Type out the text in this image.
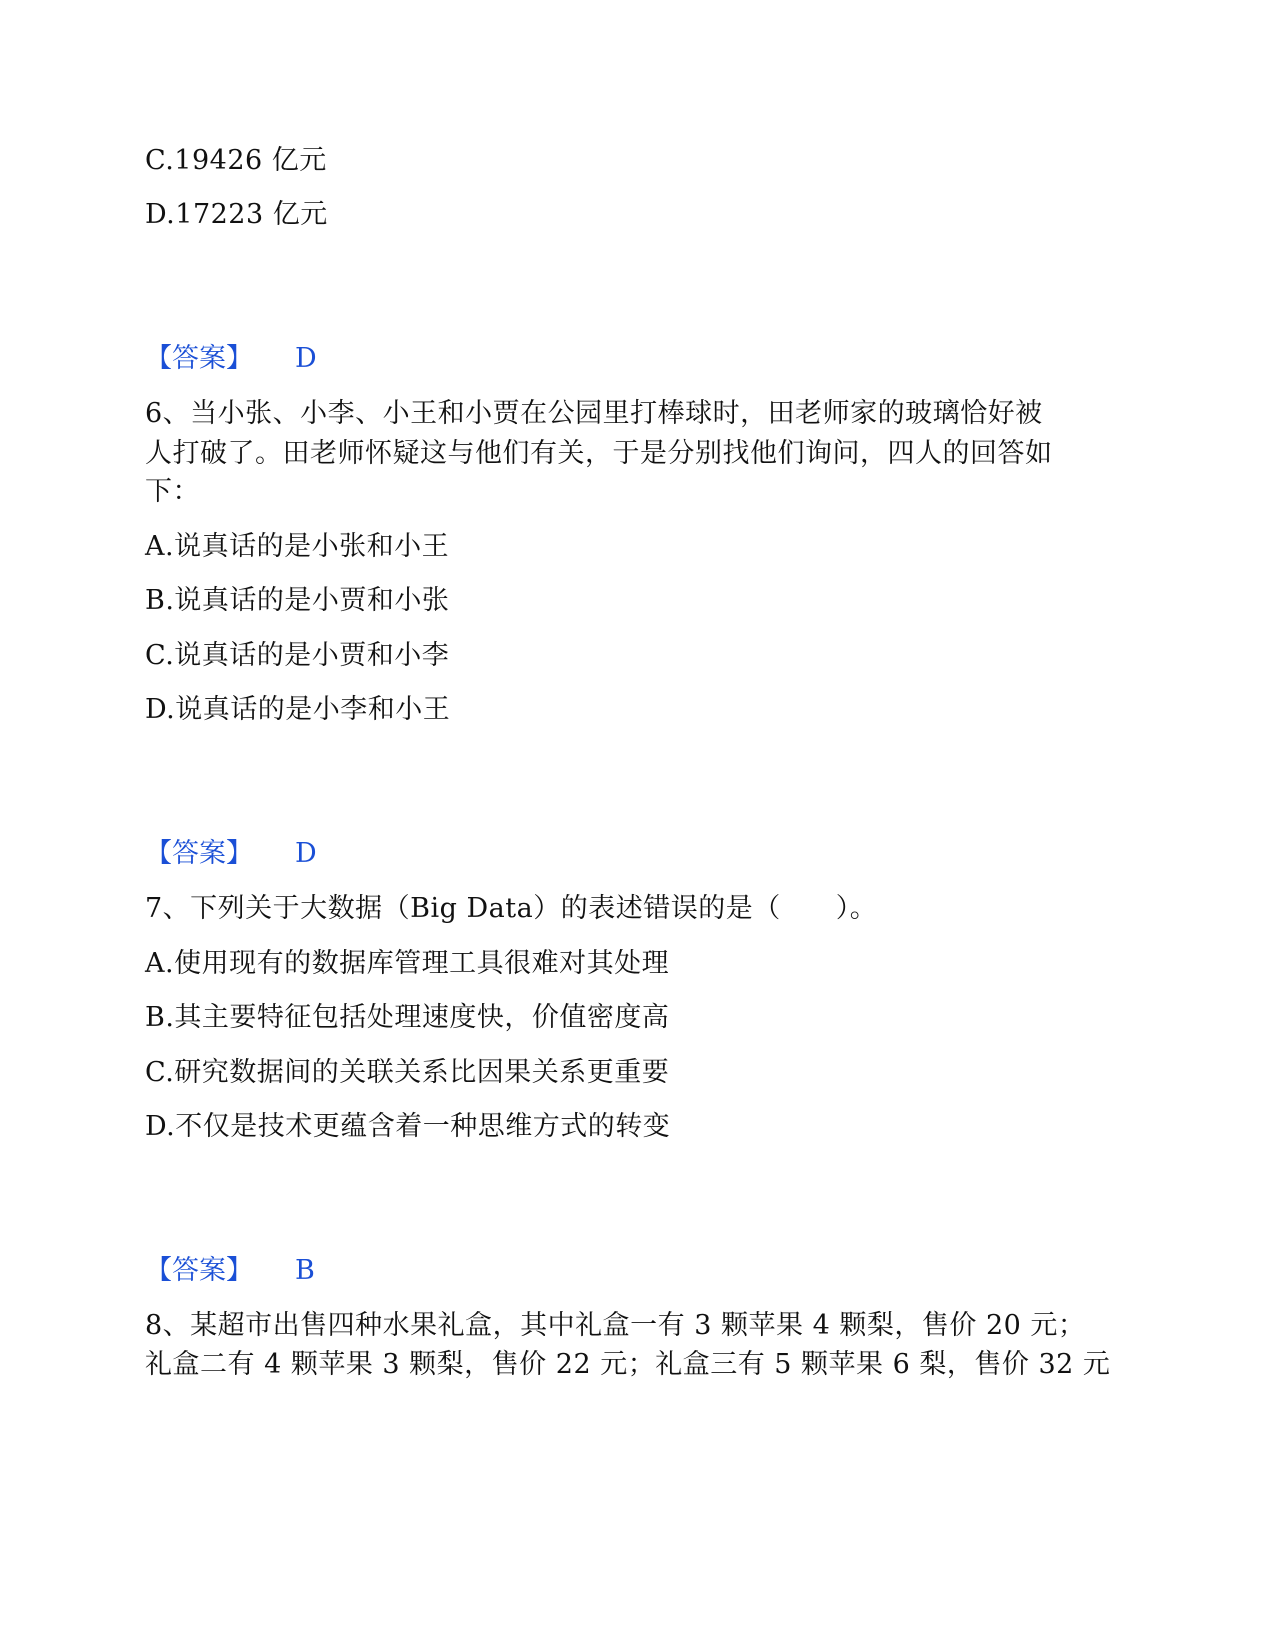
C.19426 亿元
D.17223 亿元
【答案】 D
6、当小张、小李、小王和小贾在公园里打棒球时，田老师家的玻璃恰好被
人打破了。田老师怀疑这与他们有关，于是分别找他们询问，四人的回答如
下：
A.说真话的是小张和小王
B.说真话的是小贾和小张
C.说真话的是小贾和小李
D.说真话的是小李和小王
【答案】 D
7、下列关于大数据（Big Data）的表述错误的是（　　）。
A.使用现有的数据库管理工具很难对其处理
B.其主要特征包括处理速度快，价值密度高
C.研究数据间的关联关系比因果关系更重要
D.不仅是技术更蕴含着一种思维方式的转变
【答案】 B
8、某超市出售四种水果礼盒，其中礼盒一有 3 颗苹果 4 颗梨，售价 20 元；
礼盒二有 4 颗苹果 3 颗梨，售价 22 元；礼盒三有 5 颗苹果 6 梨，售价 32 元
